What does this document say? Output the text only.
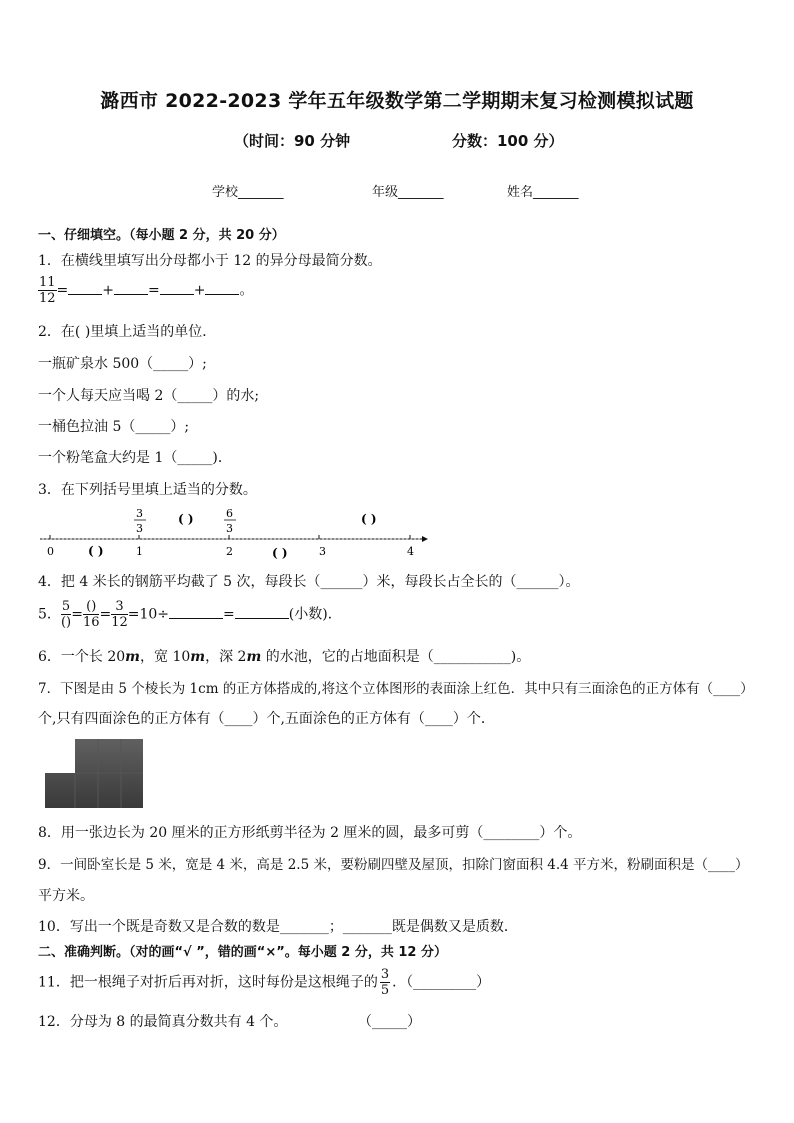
潞西市 2022-2023 学年五年级数学第二学期期末复习检测模拟试题
（时间：90 分钟	分数：100 分）
学校_______	年级_______	姓名_______
一、仔细填空。（每小题 2 分，共 20 分）
1．在横线里填写出分母都小于 12 的异分母最简分数。
$\frac{11}{12}$ = + = + 。
2．在( )里填上适当的单位．
一瓶矿泉水 500（_____）;
一个人每天应当喝 2（_____）的水;
一桶色拉油 5（_____）;
一个粉笔盒大约是 1（_____)．
3．在下列括号里填上适当的分数。
0	1	2	3	4
3
3
6
3
( )	( )
( )	( )
4．把 4 米长的钢筋平均截了 5 次，每段长（______）米，每段长占全长的（______）。
5． $\frac{5}{()} = \frac{()}{16} = \frac{3}{12} =10\div$	=	(小数)．
6．一个长 20m，宽 10m，深 2m 的水池，它的占地面积是（___________)。
7．下图是由 5 个棱长为 1cm 的正方体搭成的,将这个立体图形的表面涂上红色．其中只有三面涂色的正方体有（____）
个,只有四面涂色的正方体有（____）个,五面涂色的正方体有（____）个．
8．用一张边长为 20 厘米的正方形纸剪半径为 2 厘米的圆，最多可剪（________）个。
9．一间卧室长是 5 米，宽是 4 米，高是 2.5 米，要粉刷四壁及屋顶，扣除门窗面积 4.4 平方米，粉刷面积是（____）
平方米。
10．写出一个既是奇数又是合数的数是_______；_______既是偶数又是质数．
二、准确判断。（对的画“√ ”，错的画“×”。每小题 2 分，共 12 分）
11．把一根绳子对折后再对折，这时每份是这根绳子的 $\frac{3}{5}$ ．（_________）
12．分母为 8 的最简真分数共有 4 个。	（_____）
